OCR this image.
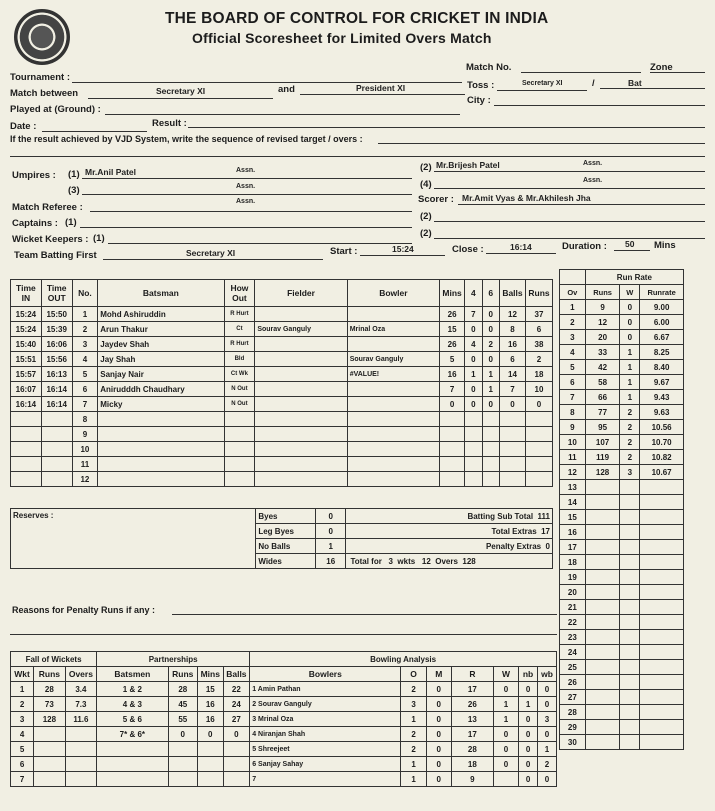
THE BOARD OF CONTROL FOR CRICKET IN INDIA
Official Scoresheet for Limited Overs Match
Tournament :
Match No.	Zone
Match between	Secretary XI	and	President XI	Toss :	Secretary XI	/	Bat
Played at (Ground) :
City :
Date :	Result :
If the result achieved by VJD System, write the sequence of revised target / overs :
Umpires : (1) Mr.Anil Patel	Assn.	(2) Mr.Brijesh Patel	Assn.
(3)	Assn.	(4)	Assn.
Match Referee :
Assn.	Scorer : Mr.Amit Vyas & Mr.Akhilesh Jha
Captains : (1)
(2)
Wicket Keepers : (1)	(2)
Team Batting First	Secretary XI	Start :	15:24	Close :	16:14	Duration : 50 Mins
Time IN	Time OUT	No.	Batsman	How Out	Fielder	Bowler	Mins	4	6	Balls	Runs
15:24	15:50	1	Mohd Ashiruddin	R Hurt			26	7	0	12	37
15:24	15:39	2	Arun Thakur	Ct	Sourav Ganguly	Mrinal Oza	15	0	0	8	6
15:40	16:06	3	Jaydev Shah	R Hurt			26	4	2	16	38
15:51	15:56	4	Jay Shah	Bld		Sourav Ganguly	5	0	0	6	2
15:57	16:13	5	Sanjay Nair	Ct Wk		#VALUE!	16	1	1	14	18
16:07	16:14	6	Anirudddh Chaudhary	N Out			7	0	1	7	10
16:14	16:14	7	Micky	N Out			0	0	0	0	0
		8									
		9									
		10									
		11									
		12									
Reserves :	Byes	0	Batting Sub Total 111
	Leg Byes	0	Total Extras 17
	No Balls	1	Penalty Extras 0
	Wides	16	Total for 3 wkts 12 Overs 128
	Run Rate		
Ov	Runs	W	Runrate
1	9	0	9.00
2	12	0	6.00
3	20	0	6.67
4	33	1	8.25
5	42	1	8.40
6	58	1	9.67
7	66	1	9.43
8	77	2	9.63
9	95	2	10.56
10	107	2	10.70
11	119	2	10.82
12	128	3	10.67
13			
14			
15			
16			
17			
18			
19			
20			
21			
22			
23			
24			
25			
26			
27			
28			
29			
30			
Reasons for Penalty Runs if any :
Fall of Wickets			Partnerships				Bowling Analysis						
Wkt	Runs	Overs	Batsmen	Runs	Mins	Balls	Bowlers	O	M	R	W	nb	wb
1	28	3.4	1 & 2	28	15	22	1 Amin Pathan	2	0	17	0	0	0
2	73	7.3	4 & 3	45	16	24	2 Sourav Ganguly	3	0	26	1	1	0
3	128	11.6	5 & 6	55	16	27	3 Mrinal Oza	1	0	13	1	0	3
4			7* & 6*	0	0	0	4 Niranjan Shah	2	0	17	0	0	0
5							5 Shreejeet	2	0	28	0	0	1
6							6 Sanjay Sahay	1	0	18	0	0	2
7							7	1	0	9		0	0
